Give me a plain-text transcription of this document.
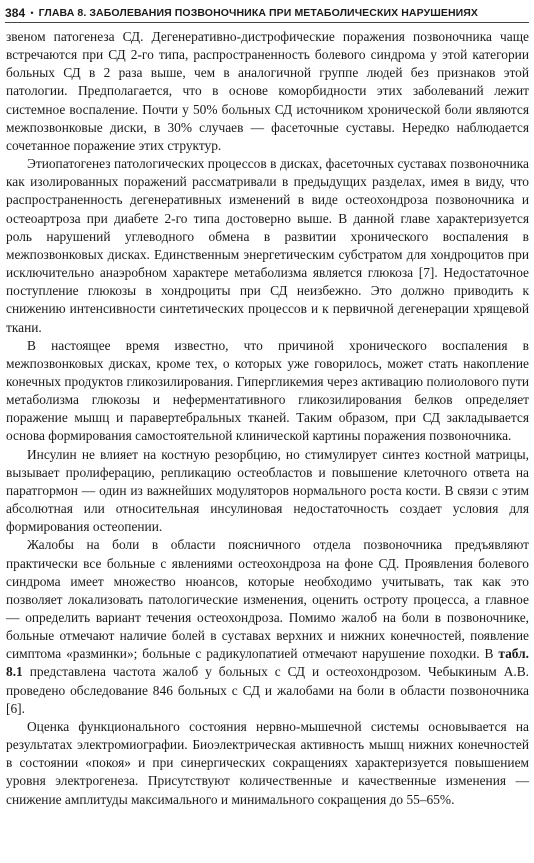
384 • ГЛАВА 8. ЗАБОЛЕВАНИЯ ПОЗВОНОЧНИКА ПРИ МЕТАБОЛИЧЕСКИХ НАРУШЕНИЯХ

звеном патогенеза СД. Дегенеративно-дистрофические поражения позвоночника чаще встречаются при СД 2-го типа, распространенность болевого синдрома у этой категории больных СД в 2 раза выше, чем в аналогичной группе людей без признаков этой патологии. Предполагается, что в основе коморбидности этих заболеваний лежит системное воспаление. Почти у 50% больных СД источником хронической боли являются межпозвонковые диски, в 30% случаев — фасеточные суставы. Нередко наблюдается сочетанное поражение этих структур.

Этиопатогенез патологических процессов в дисках, фасеточных суставах позвоночника как изолированных поражений рассматривали в предыдущих разделах, имея в виду, что распространенность дегенеративных изменений в виде остеохондроза позвоночника и остеоартроза при диабете 2-го типа достоверно выше. В данной главе характеризуется роль нарушений углеводного обмена в развитии хронического воспаления в межпозвонковых дисках. Единственным энергетическим субстратом для хондроцитов при исключительно анаэробном характере метаболизма является глюкоза [7]. Недостаточное поступление глюкозы в хондроциты при СД неизбежно. Это должно приводить к снижению интенсивности синтетических процессов и к первичной дегенерации хрящевой ткани.

В настоящее время известно, что причиной хронического воспаления в межпозвонковых дисках, кроме тех, о которых уже говорилось, может стать накопление конечных продуктов гликозилирования. Гипергликемия через активацию полиолового пути метаболизма глюкозы и неферментативного гликозилирования белков определяет поражение мышц и паравертебральных тканей. Таким образом, при СД закладывается основа формирования самостоятельной клинической картины поражения позвоночника.

Инсулин не влияет на костную резорбцию, но стимулирует синтез костной матрицы, вызывает пролиферацию, репликацию остеобластов и повышение клеточного ответа на паратгормон — один из важнейших модуляторов нормального роста кости. В связи с этим абсолютная или относительная инсулиновая недостаточность создает условия для формирования остеопении.

Жалобы на боли в области поясничного отдела позвоночника предъявляют практически все больные с явлениями остеохондроза на фоне СД. Проявления болевого синдрома имеет множество нюансов, которые необходимо учитывать, так как это позволяет локализовать патологические изменения, оценить остроту процесса, а главное — определить вариант течения остеохондроза. Помимо жалоб на боли в позвоночнике, больные отмечают наличие болей в суставах верхних и нижних конечностей, появление симптома «разминки»; больные с радикулопатией отмечают нарушение походки. В табл. 8.1 представлена частота жалоб у больных с СД и остеохондрозом. Чебыкиным А.В. проведено обследование 846 больных с СД и жалобами на боли в области позвоночника [6].

Оценка функционального состояния нервно-мышечной системы основывается на результатах электромиографии. Биоэлектрическая активность мышц нижних конечностей в состоянии «покоя» и при синергических сокращениях характеризуется повышением уровня электрогенеза. Присутствуют количественные и качественные изменения — снижение амплитуды максимального и минимального сокращения до 55–65%.
